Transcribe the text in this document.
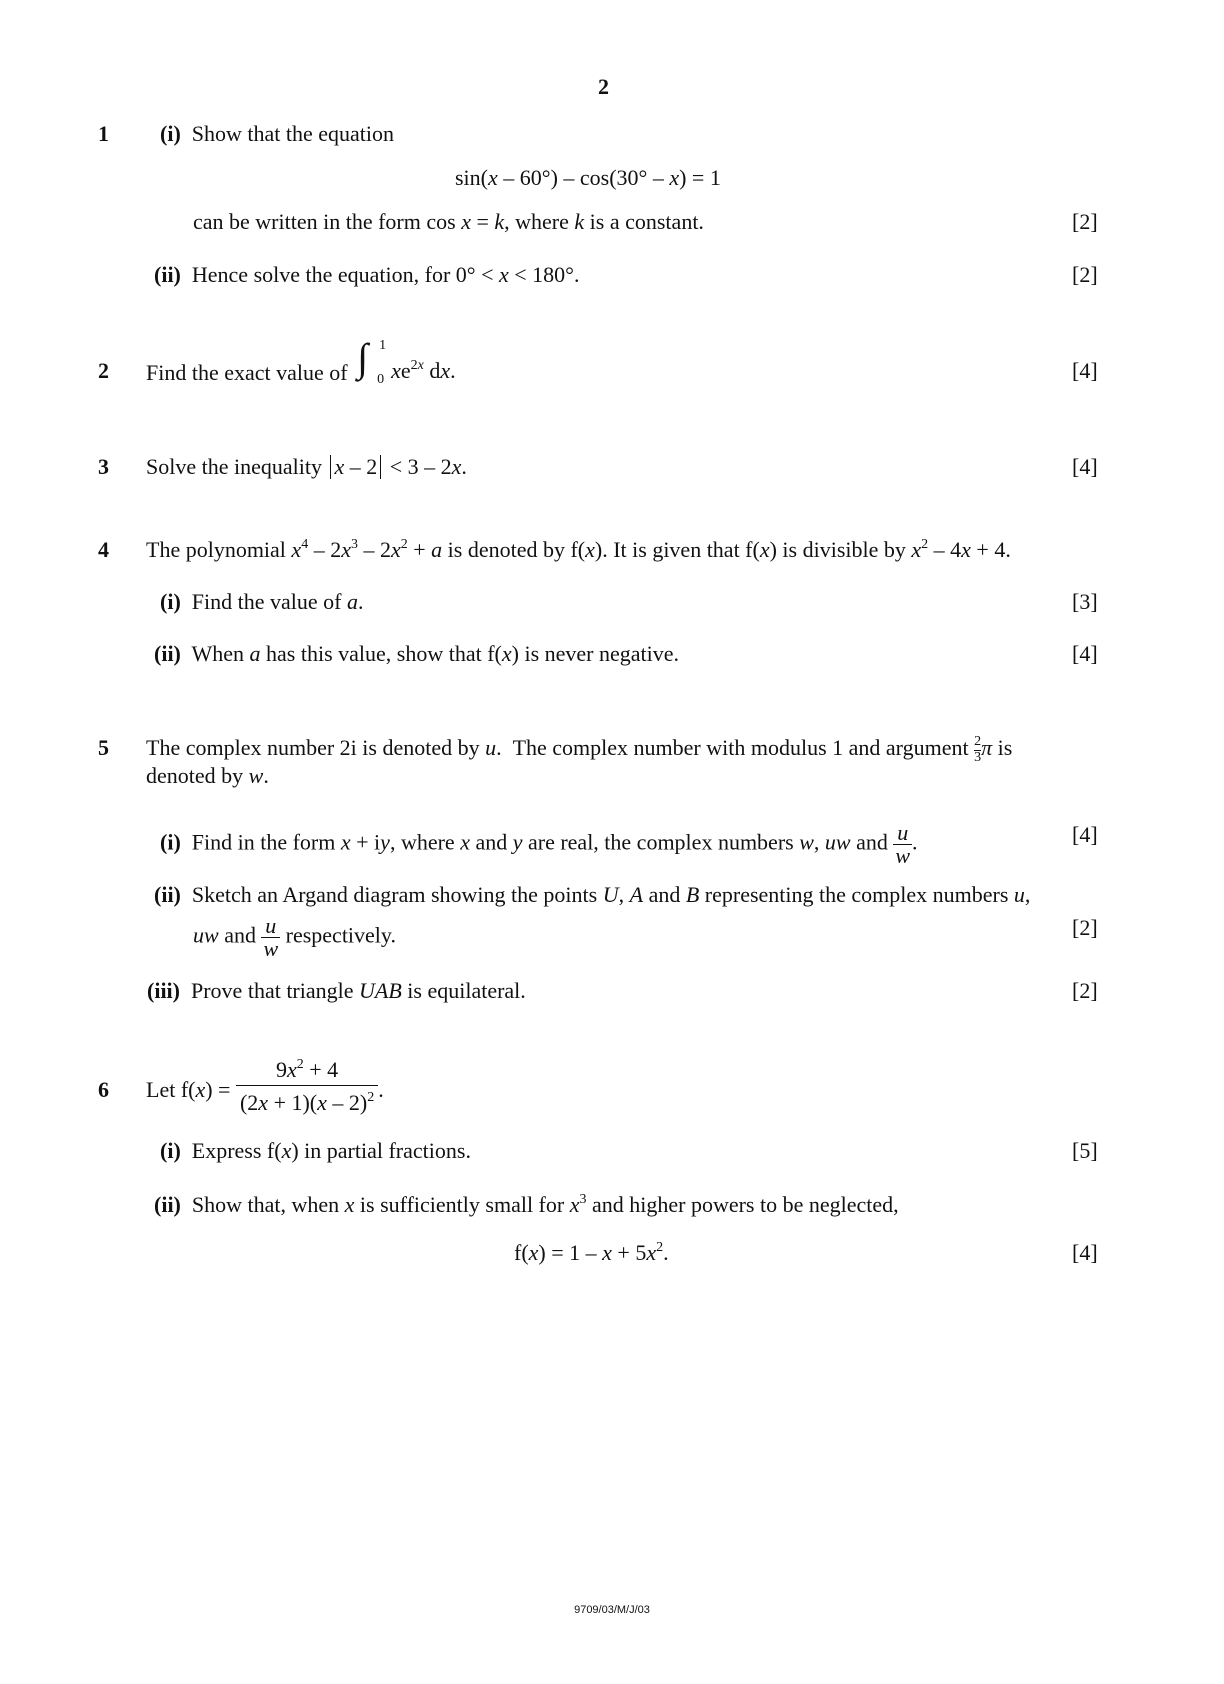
2
1 (i) Show that the equation
sin(x – 60°) – cos(30° – x) = 1
can be written in the form cos x = k, where k is a constant.	[2]
(ii)  Hence solve the equation, for 0° < x < 180°.	[2]
2 Find the exact value of ∫ 1
0 $xe^{2x}$ dx.	[4]
3 Solve the inequality x – 2 < 3 – 2x.	[4]
4 The polynomial $x^4 - 2x^3 - 2x^2 + a$ is denoted by f(x). It is given that f(x) is divisible by $x^2 - 4x + 4$.
(i)  Find the value of a.	[3]
(ii)  When a has this value, show that f(x) is never negative.	[4]
5 The complex number 2i is denoted by u.  The complex number with modulus 1 and argument $\frac{2}{3}$ π is
denoted by w.
(i)  Find in the form x + iy, where x and y are real, the complex numbers w, uw and $\frac{u}{w}$ .	[4]
(ii)  Sketch an Argand diagram showing the points U, A and B representing the complex numbers u,
uw and $\frac{u}{w}$ respectively.	[2]
(iii)  Prove that triangle UAB is equilateral.	[2]
6 Let $f(x) = \frac{9x^2 + 4}{(2x + 1)(x - 2)^2}$ .
(i)  Express f(x) in partial fractions.	[5]
(ii)  Show that, when x is sufficiently small for $x^3$ and higher powers to be neglected,
$f(x) = 1 - x + 5x^2$.	[4]
9709/03/M/J/03
